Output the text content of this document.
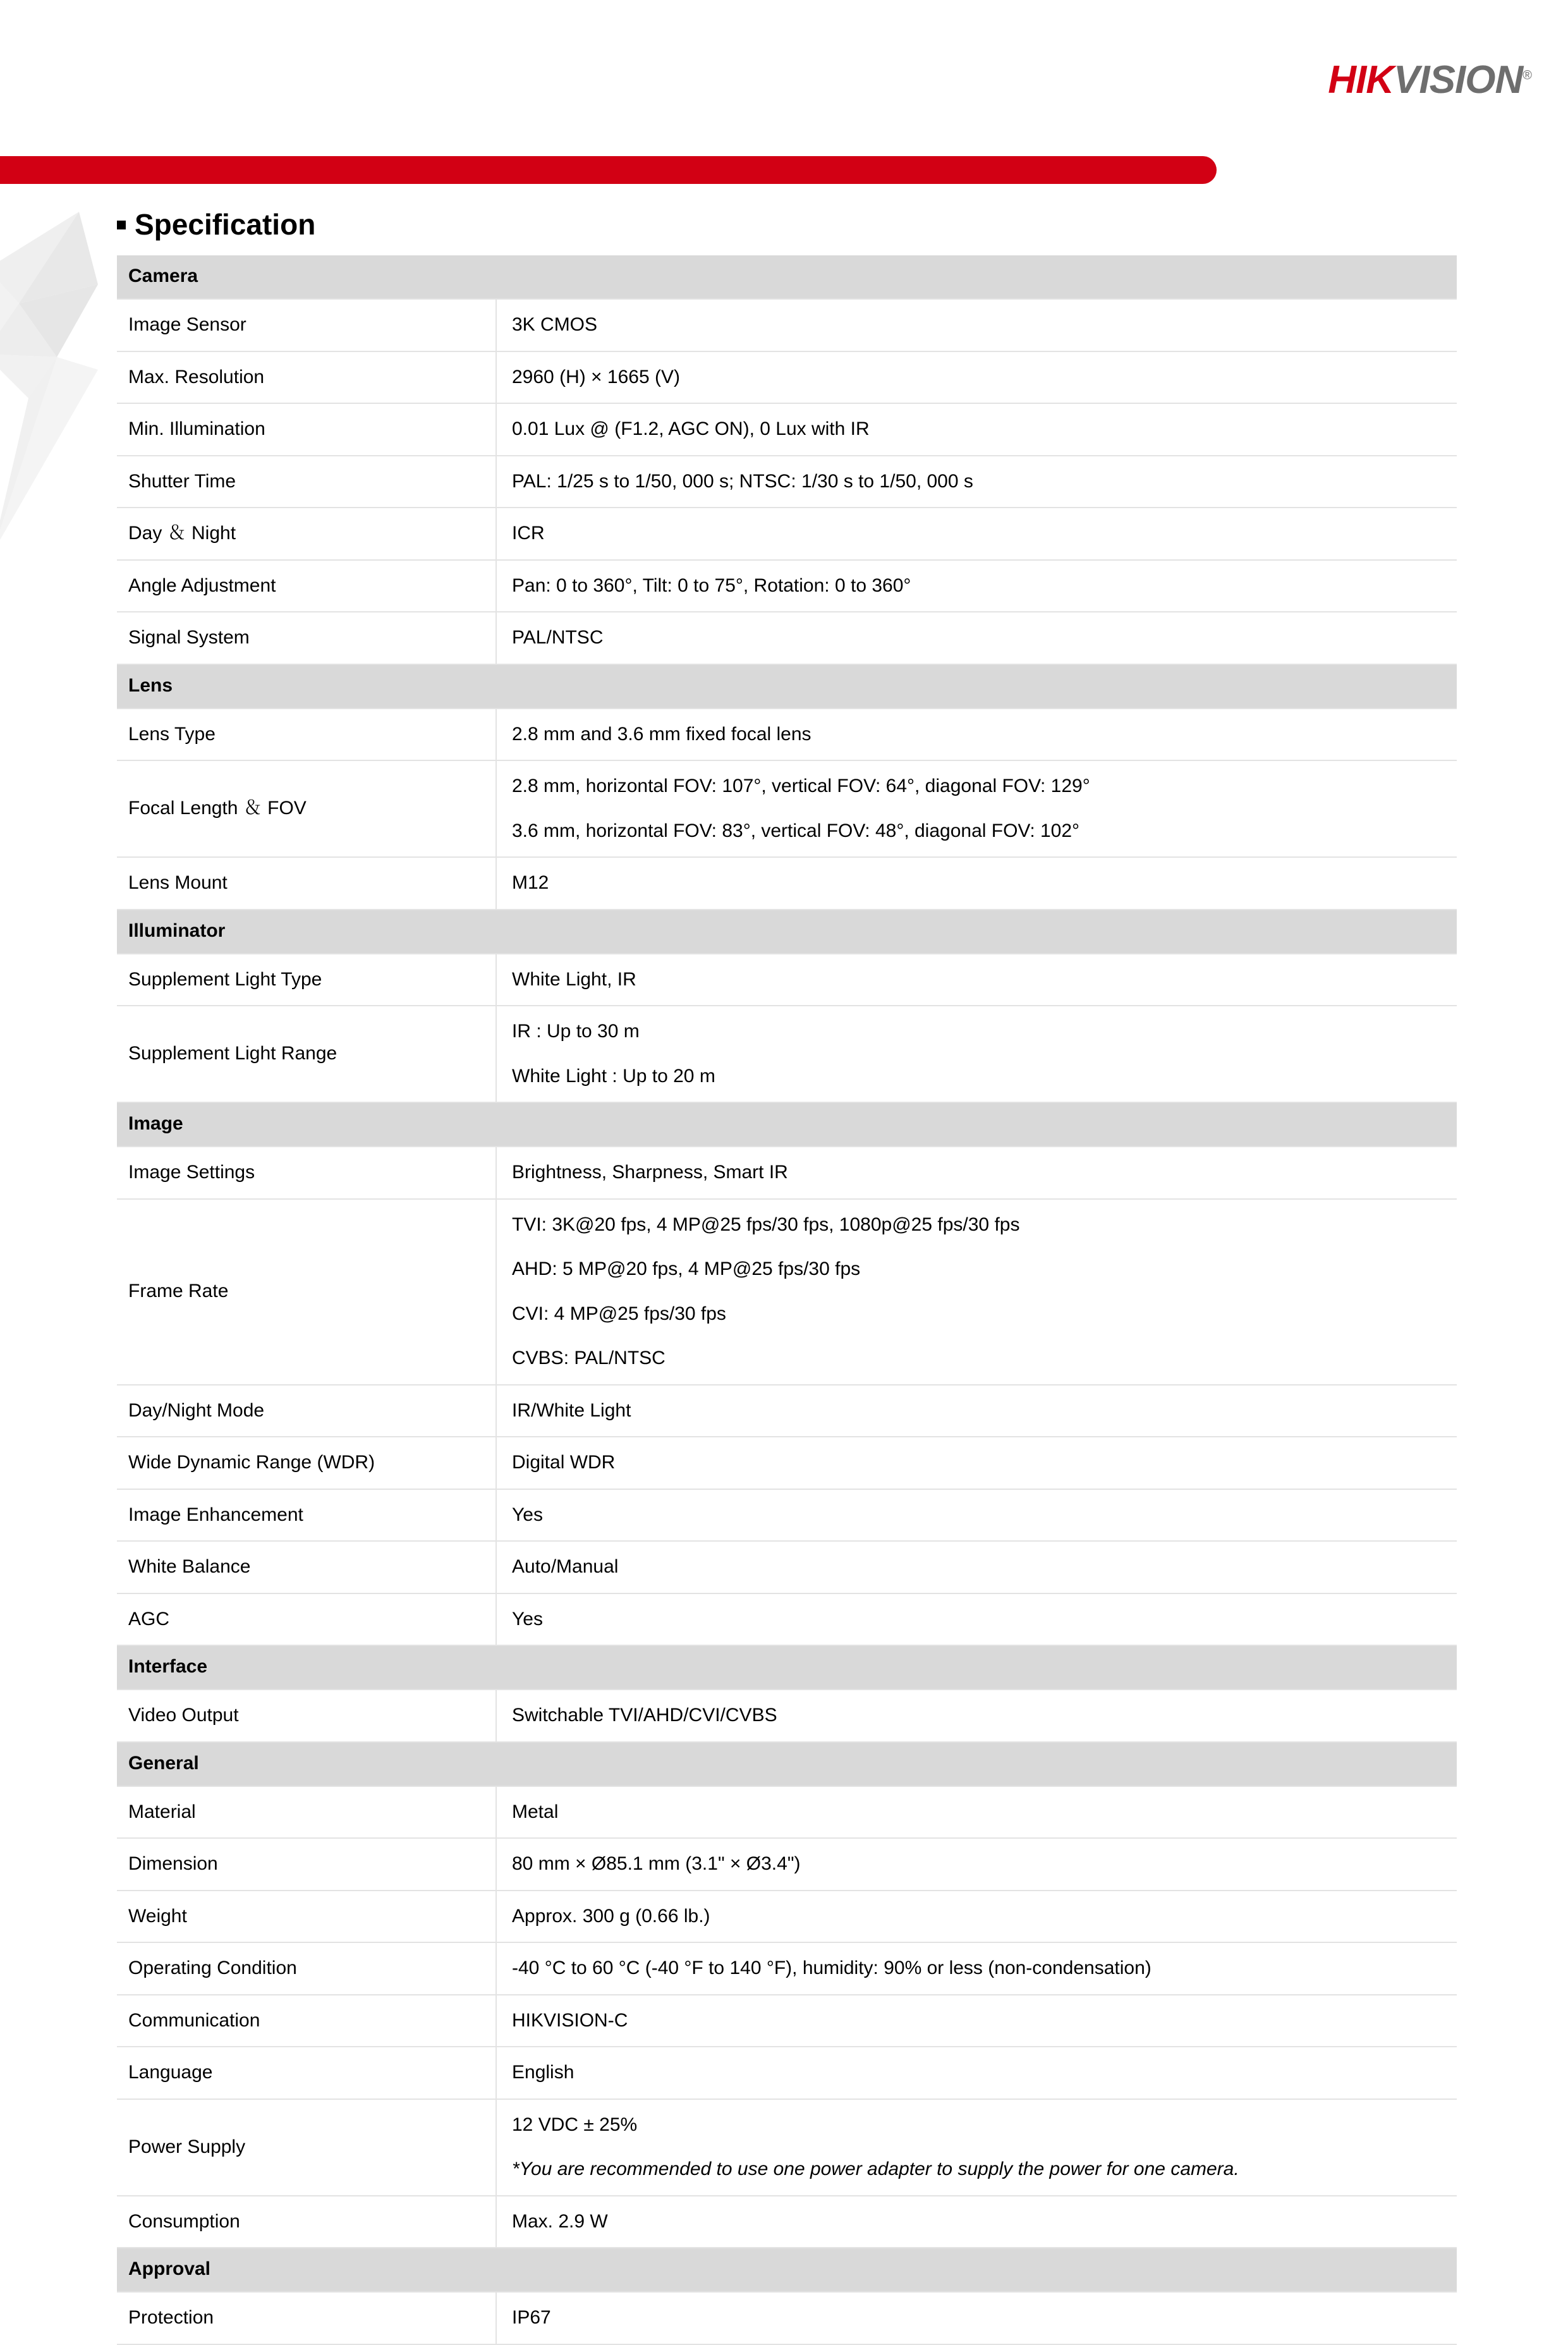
HIKVISION®
Specification
Camera	
Image Sensor	3K CMOS

Max. Resolution	2960 (H) × 1665 (V)

Min. Illumination	0.01 Lux @ (F1.2, AGC ON), 0 Lux with IR

Shutter Time	PAL: 1/25 s to 1/50, 000 s; NTSC: 1/30 s to 1/50, 000 s

Day ＆ Night	ICR

Angle Adjustment	Pan: 0 to 360°, Tilt: 0 to 75°, Rotation: 0 to 360°

Signal System	PAL/NTSC

Lens	
Lens Type	2.8 mm and 3.6 mm fixed focal lens

Focal Length ＆ FOV	2.8 mm, horizontal FOV: 107°, vertical FOV: 64°, diagonal FOV: 129°
3.6 mm, horizontal FOV: 83°, vertical FOV: 48°, diagonal FOV: 102°

Lens Mount	M12

Illuminator	
Supplement Light Type	White Light, IR

Supplement Light Range	IR : Up to 30 m
White Light : Up to 20 m

Image	
Image Settings	Brightness, Sharpness, Smart IR

Frame Rate	TVI: 3K@20 fps, 4 MP@25 fps/30 fps, 1080p@25 fps/30 fps
AHD: 5 MP@20 fps, 4 MP@25 fps/30 fps
CVI: 4 MP@25 fps/30 fps
CVBS: PAL/NTSC

Day/Night Mode	IR/White Light

Wide Dynamic Range (WDR)	Digital WDR

Image Enhancement	Yes

White Balance	Auto/Manual

AGC	Yes

Interface	
Video Output	Switchable TVI/AHD/CVI/CVBS

General	
Material	Metal

Dimension	80 mm × Ø85.1 mm (3.1" × Ø3.4")

Weight	Approx. 300 g (0.66 lb.)

Operating Condition	-40 °C to 60 °C (-40 °F to 140 °F), humidity: 90% or less (non-condensation)

Communication	HIKVISION-C

Language	English

Power Supply	12 VDC ± 25%
*You are recommended to use one power adapter to supply the power for one camera.

Consumption	Max. 2.9 W

Approval	
Protection	IP67
